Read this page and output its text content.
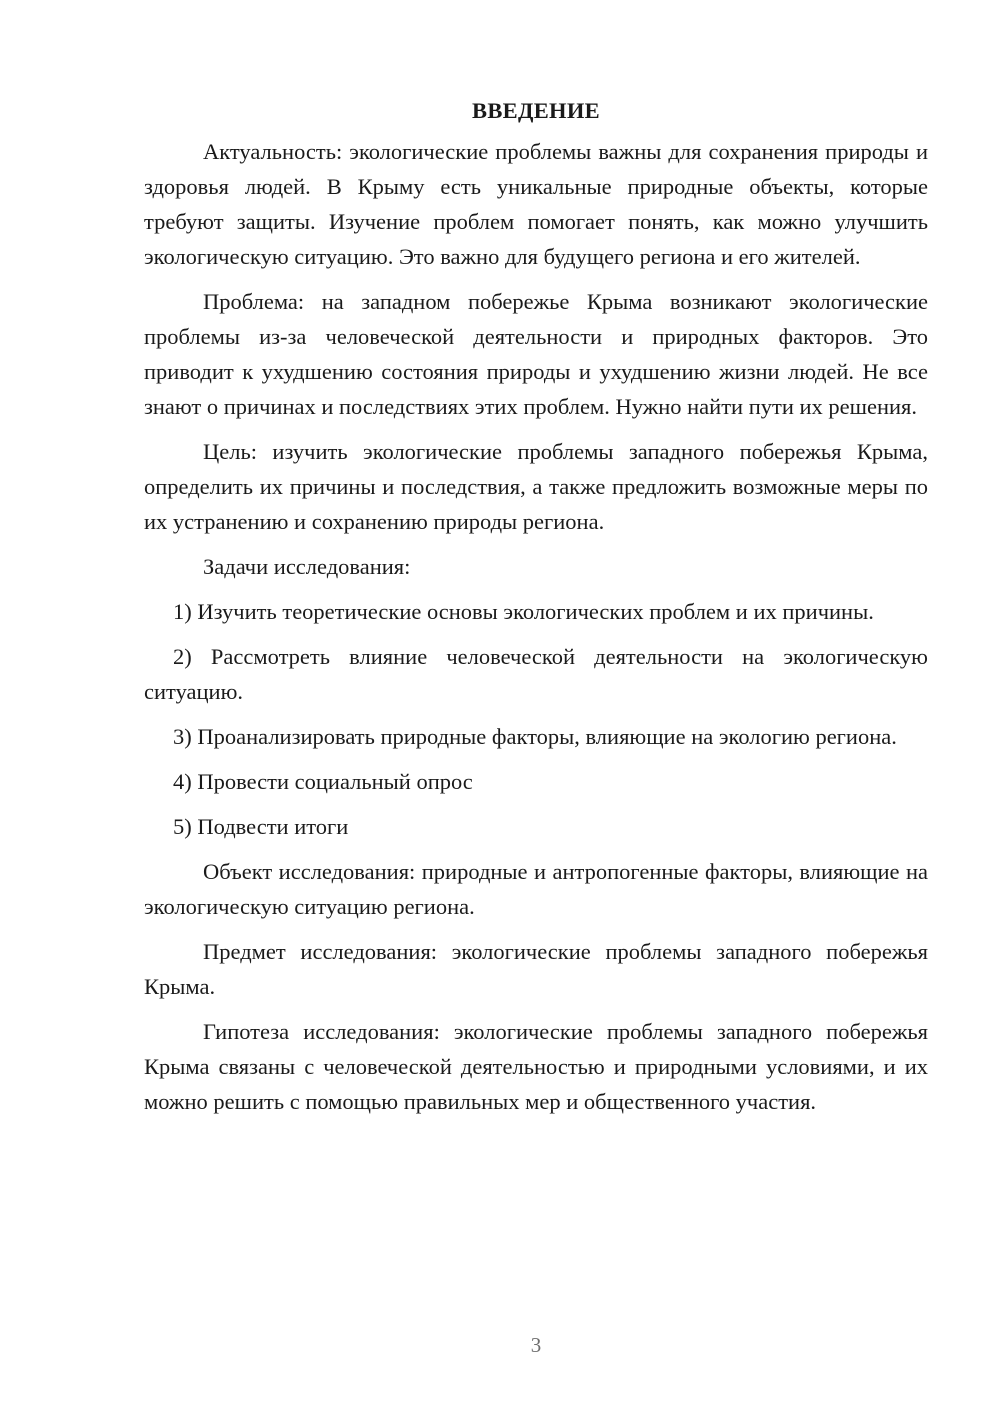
ВВЕДЕНИЕ

Актуальность: экологические проблемы важны для сохранения природы и здоровья людей. В Крыму есть уникальные природные объекты, которые требуют защиты. Изучение проблем помогает понять, как можно улучшить экологическую ситуацию. Это важно для будущего региона и его жителей.

Проблема: на западном побережье Крыма возникают экологические проблемы из-за человеческой деятельности и природных факторов. Это приводит к ухудшению состояния природы и ухудшению жизни людей. Не все знают о причинах и последствиях этих проблем. Нужно найти пути их решения.

Цель: изучить экологические проблемы западного побережья Крыма, определить их причины и последствия, а также предложить возможные меры по их устранению и сохранению природы региона.

Задачи исследования:

1) Изучить теоретические основы экологических проблем и их причины.

2) Рассмотреть влияние человеческой деятельности на экологическую ситуацию.

3) Проанализировать природные факторы, влияющие на экологию региона.

4) Провести социальный опрос

5) Подвести итоги

Объект исследования: природные и антропогенные факторы, влияющие на экологическую ситуацию региона.

Предмет исследования: экологические проблемы западного побережья Крыма.

Гипотеза исследования: экологические проблемы западного побережья Крыма связаны с человеческой деятельностью и природными условиями, и их можно решить с помощью правильных мер и общественного участия.

3
